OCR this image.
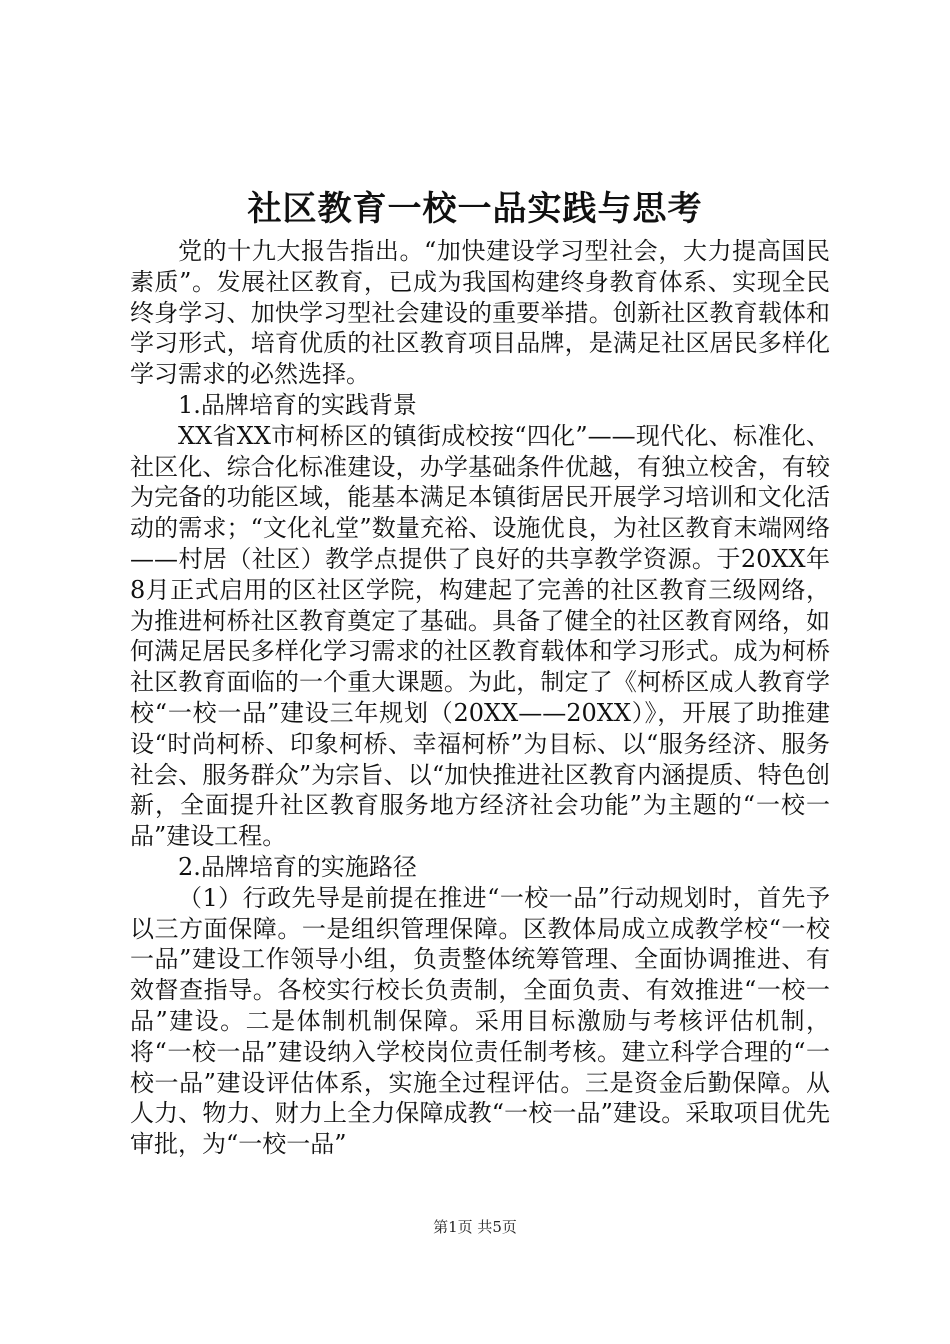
社区教育一校一品实践与思考

党的十九大报告指出。“加快建设学习型社会，大力提高国民素质”。发展社区教育，已成为我国构建终身教育体系、实现全民终身学习、加快学习型社会建设的重要举措。创新社区教育载体和学习形式，培育优质的社区教育项目品牌，是满足社区居民多样化学习需求的必然选择。

1.品牌培育的实践背景

XX省XX市柯桥区的镇街成校按“四化”——现代化、标准化、社区化、综合化标准建设，办学基础条件优越，有独立校舍，有较为完备的功能区域，能基本满足本镇街居民开展学习培训和文化活动的需求；“文化礼堂”数量充裕、设施优良，为社区教育末端网络——村居（社区）教学点提供了良好的共享教学资源。于20XX年8月正式启用的区社区学院，构建起了完善的社区教育三级网络，为推进柯桥社区教育奠定了基础。具备了健全的社区教育网络，如何满足居民多样化学习需求的社区教育载体和学习形式。成为柯桥社区教育面临的一个重大课题。为此，制定了《柯桥区成人教育学校“一校一品”建设三年规划（20XX——20XX）》，开展了助推建设“时尚柯桥、印象柯桥、幸福柯桥”为目标、以“服务经济、服务社会、服务群众”为宗旨、以“加快推进社区教育内涵提质、特色创新，全面提升社区教育服务地方经济社会功能”为主题的“一校一品”建设工程。

2.品牌培育的实施路径

（1）行政先导是前提在推进“一校一品”行动规划时，首先予以三方面保障。一是组织管理保障。区教体局成立成教学校“一校一品”建设工作领导小组，负责整体统筹管理、全面协调推进、有效督查指导。各校实行校长负责制，全面负责、有效推进“一校一品”建设。二是体制机制保障。采用目标激励与考核评估机制，将“一校一品”建设纳入学校岗位责任制考核。建立科学合理的“一校一品”建设评估体系，实施全过程评估。三是资金后勤保障。从人力、物力、财力上全力保障成教“一校一品”建设。采取项目优先审批，为“一校一品”

第1页 共5页
